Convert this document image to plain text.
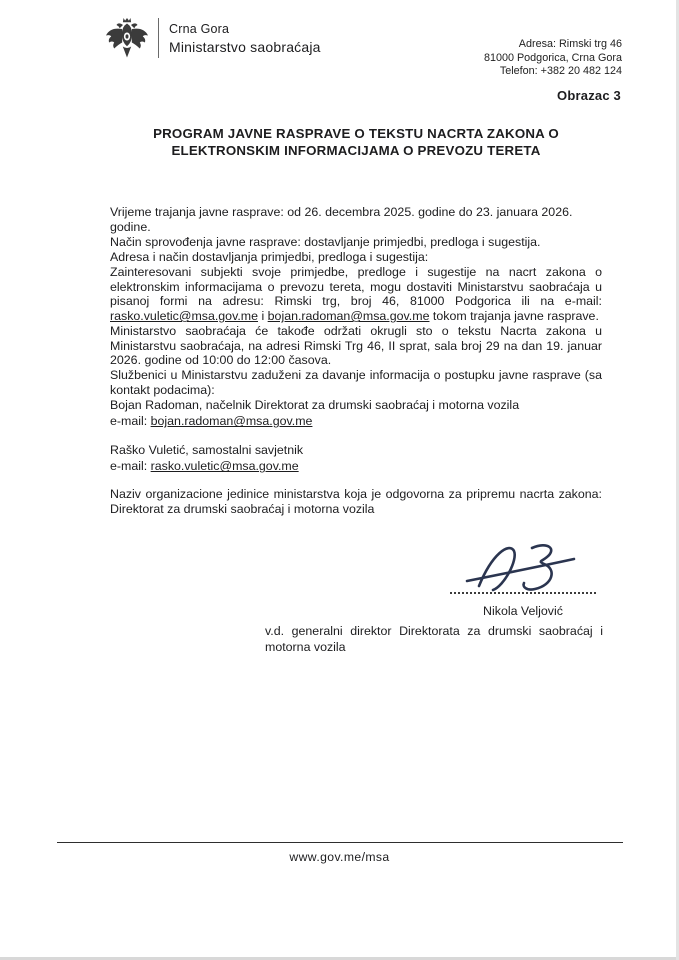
Crna Gora
Ministarstvo saobraćaja	Adresa: Rimski trg 46
81000 Podgorica, Crna Gora
Telefon: +382 20 482 124
Obrazac 3
PROGRAM JAVNE RASPRAVE O TEKSTU NACRTA ZAKONA O
ELEKTRONSKIM INFORMACIJAMA O PREVOZU TERETA

Vrijeme trajanja javne rasprave: od 26. decembra 2025. godine do 23. januara 2026. godine.

Način sprovođenja javne rasprave: dostavljanje primjedbi, predloga i sugestija.

Adresa i način dostavljanja primjedbi, predloga i sugestija:

Zainteresovani subjekti svoje primjedbe, predloge i sugestije na nacrt zakona o elektronskim informacijama o prevozu tereta, mogu dostaviti Ministarstvu saobraćaja u pisanoj formi na adresu: Rimski trg, broj 46, 81000 Podgorica ili na e-mail: rasko.vuletic@msa.gov.me i bojan.radoman@msa.gov.me tokom trajanja javne rasprave.

Ministarstvo saobraćaja će takođe održati okrugli sto o tekstu Nacrta zakona u Ministarstvu saobraćaja, na adresi Rimski Trg 46, II sprat, sala broj 29 na dan 19. januar 2026. godine od 10:00 do 12:00 časova.

Službenici u Ministarstvu zaduženi za davanje informacija o postupku javne rasprave (sa kontakt podacima):

Bojan Radoman, načelnik Direktorat za drumski saobraćaj i motorna vozila
e-mail: bojan.radoman@msa.gov.me
Raško Vuletić, samostalni savjetnik
e-mail: rasko.vuletic@msa.gov.me

Naziv organizacione jedinice ministarstva koja je odgovorna za pripremu nacrta zakona: Direktorat za drumski saobraćaj i motorna vozila

Nikola Veljović
v.d. generalni direktor Direktorata za drumski saobraćaj i motorna vozila
www.gov.me/msa
